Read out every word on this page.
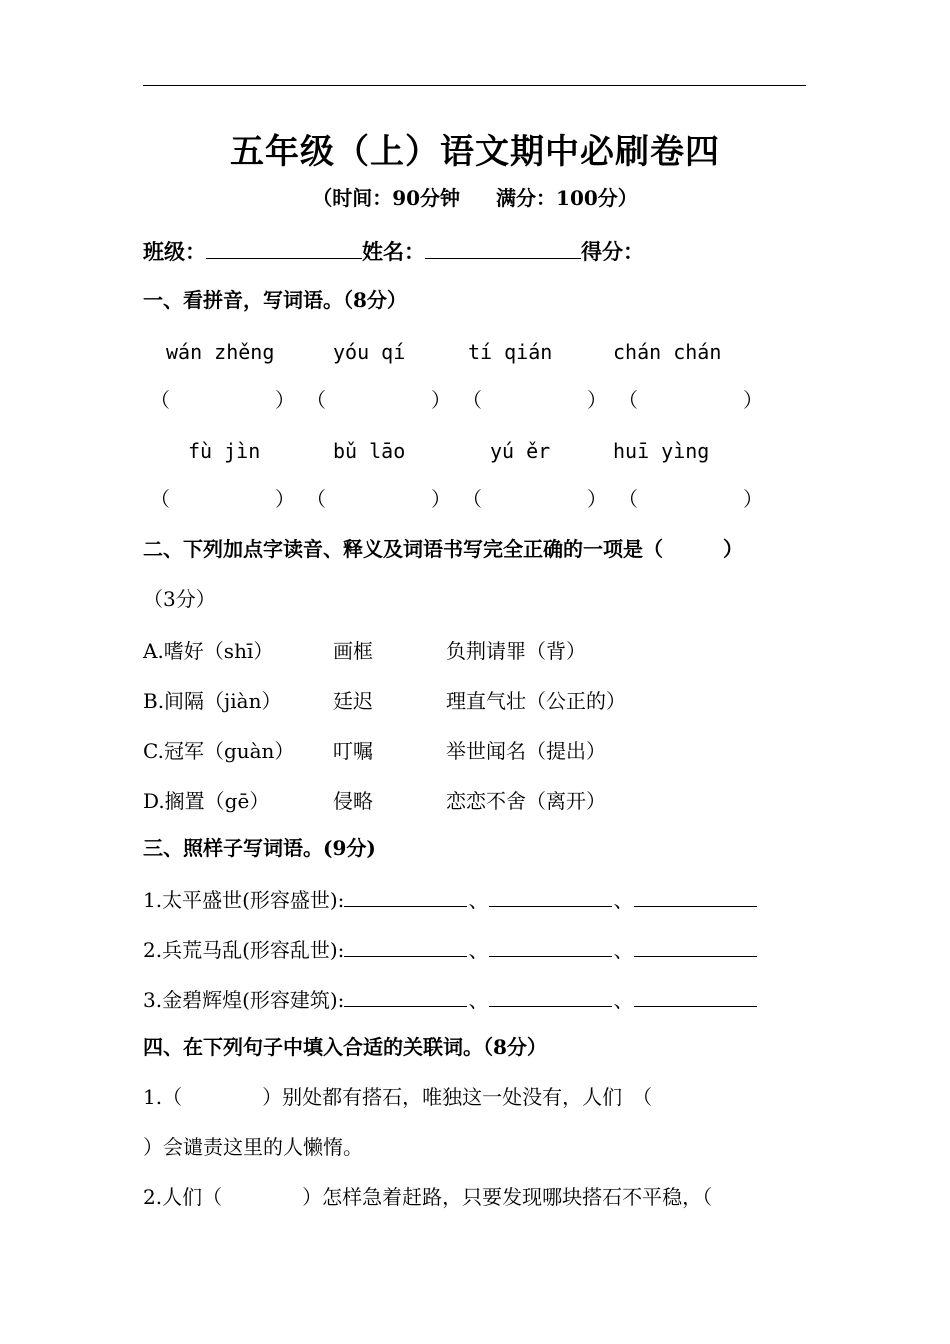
五年级（上）语文期中必刷卷四
（时间：90分钟 满分：100分）
班级：	姓名：	得分：
一、看拼音，写词语。（8分）
wán zhěng	yóu qí	tí qián	chán chán
（	） （	） （	） （	）
fù jìn	bǔ lāo	yú ěr	huī yìng
（	） （	） （	） （	）
二、下列加点字读音、释义及词语书写完全正确的一项是（　　　）
（3分）
A.嗜好（shī）	画框	负荆请罪（背）
B.间隔（jiàn）	廷迟	理直气壮（公正的）
C.冠军（guàn） 叮嘱	举世闻名（提出）
D.搁置（gē）	侵略	恋恋不舍（离开）
三、照样子写词语。(9分)
1.太平盛世(形容盛世):	、	、
2.兵荒马乱(形容乱世):	、	、
3.金碧辉煌(形容建筑):	、	、
四、在下列句子中填入合适的关联词。（8分）
1.（　　　　）别处都有搭石，唯独这一处没有，人们　（
）会谴责这里的人懒惰。
2.人们（　　　　）怎样急着赶路，只要发现哪块搭石不平稳，（
